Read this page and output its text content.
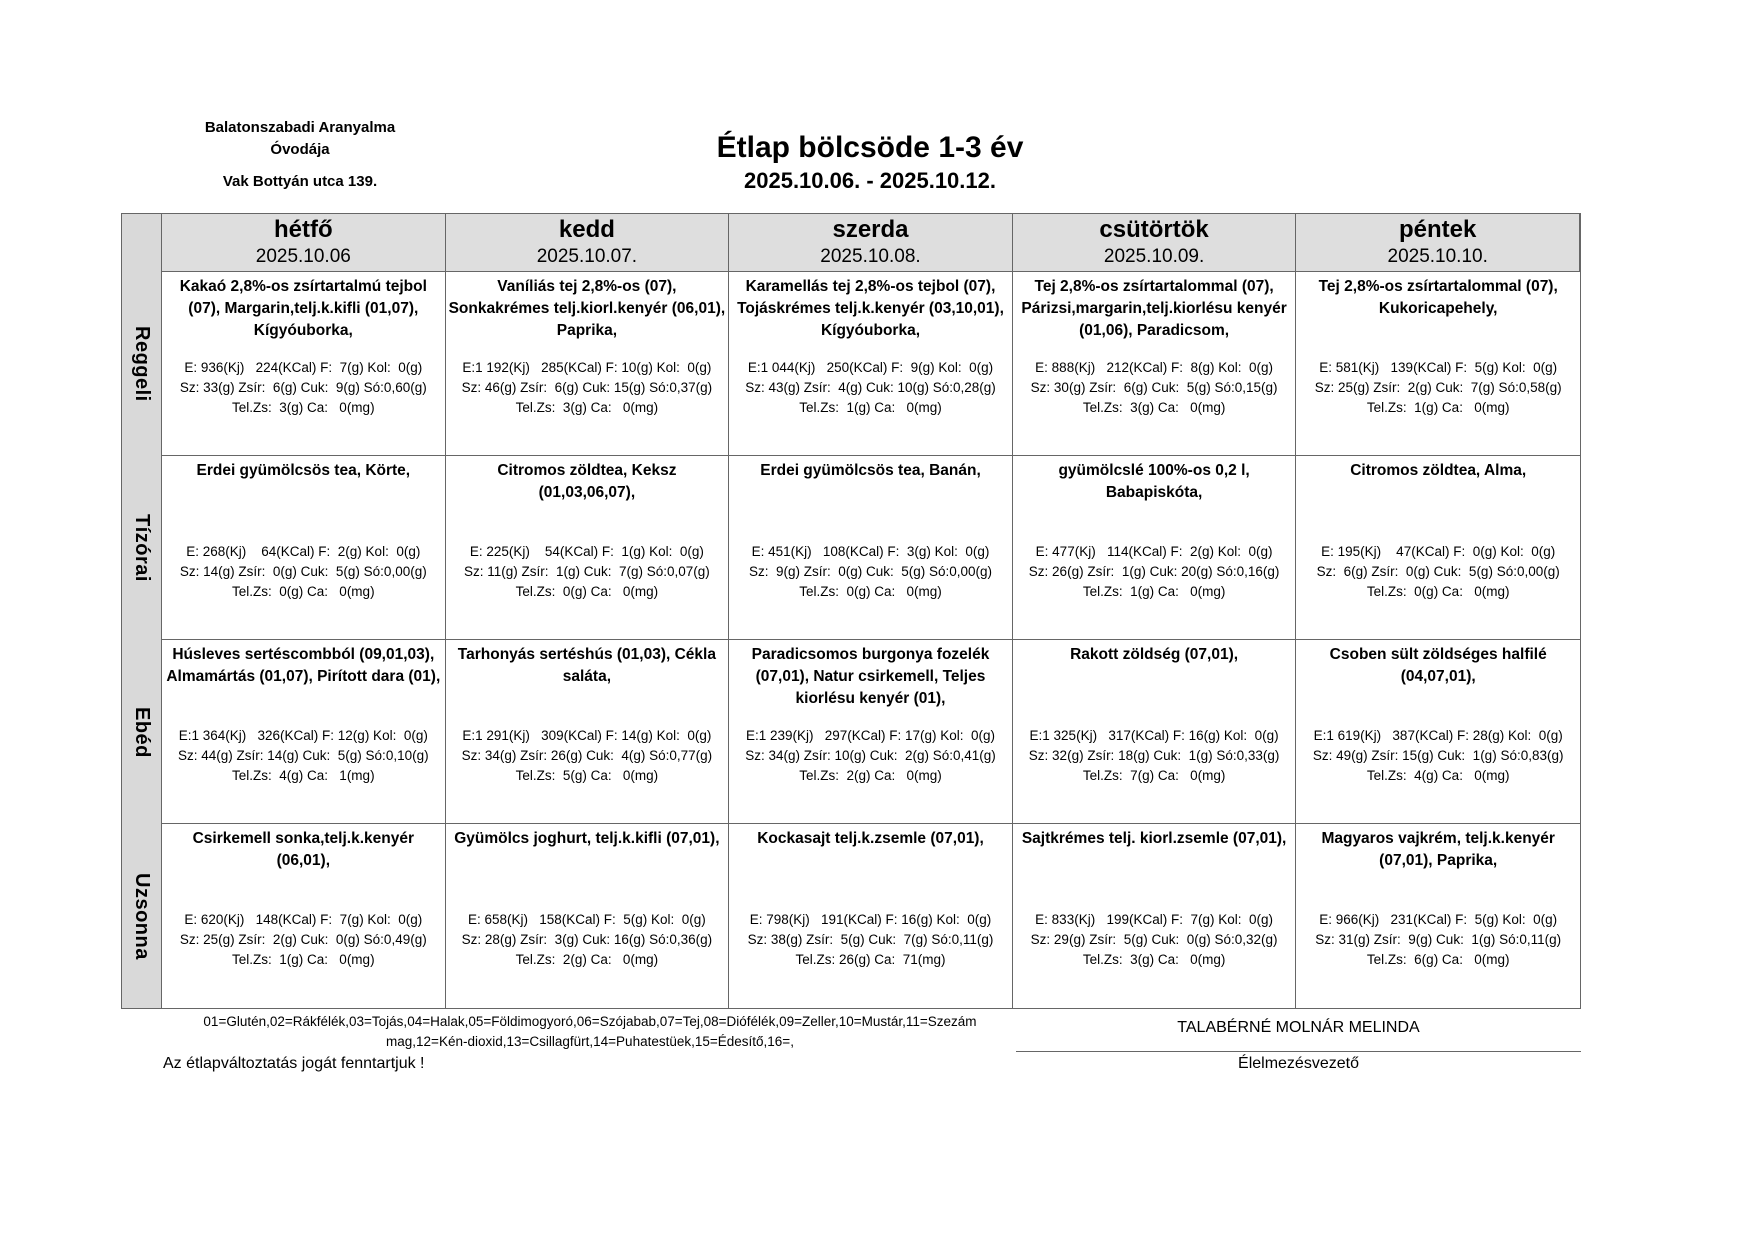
Balatonszabadi Aranyalma
Óvodája
Vak Bottyán utca 139.
Étlap bölcsöde 1-3 év
2025.10.06. - 2025.10.12.
hétfő
2025.10.06
kedd
2025.10.07.
szerda
2025.10.08.
csütörtök
2025.10.09.
péntek
2025.10.10.
Reggeli
Kakaó 2,8%-os zsírtartalmú tejbol (07), Margarin,telj.k.kifli (01,07), Kígyóuborka,
E: 936(Kj)   224(KCal) F:  7(g) Kol:  0(g)
Sz: 33(g) Zsír:  6(g) Cuk:  9(g) Só:0,60(g)
Tel.Zs:  3(g) Ca:   0(mg)
Vaníliás tej 2,8%-os (07), Sonkakrémes telj.kiorl.kenyér (06,01), Paprika,
E:1 192(Kj)   285(KCal) F: 10(g) Kol:  0(g)
Sz: 46(g) Zsír:  6(g) Cuk: 15(g) Só:0,37(g)
Tel.Zs:  3(g) Ca:   0(mg)
Karamellás tej 2,8%-os tejbol (07), Tojáskrémes telj.k.kenyér (03,10,01), Kígyóuborka,
E:1 044(Kj)   250(KCal) F:  9(g) Kol:  0(g)
Sz: 43(g) Zsír:  4(g) Cuk: 10(g) Só:0,28(g)
Tel.Zs:  1(g) Ca:   0(mg)
Tej 2,8%-os zsírtartalommal (07), Párizsi,margarin,telj.kiorlésu kenyér (01,06), Paradicsom,
E: 888(Kj)   212(KCal) F:  8(g) Kol:  0(g)
Sz: 30(g) Zsír:  6(g) Cuk:  5(g) Só:0,15(g)
Tel.Zs:  3(g) Ca:   0(mg)
Tej 2,8%-os zsírtartalommal (07), Kukoricapehely,
E: 581(Kj)   139(KCal) F:  5(g) Kol:  0(g)
Sz: 25(g) Zsír:  2(g) Cuk:  7(g) Só:0,58(g)
Tel.Zs:  1(g) Ca:   0(mg)
Tízórai
Erdei gyümölcsös tea, Körte,
E: 268(Kj)    64(KCal) F:  2(g) Kol:  0(g)
Sz: 14(g) Zsír:  0(g) Cuk:  5(g) Só:0,00(g)
Tel.Zs:  0(g) Ca:   0(mg)
Citromos zöldtea, Keksz (01,03,06,07),
E: 225(Kj)    54(KCal) F:  1(g) Kol:  0(g)
Sz: 11(g) Zsír:  1(g) Cuk:  7(g) Só:0,07(g)
Tel.Zs:  0(g) Ca:   0(mg)
Erdei gyümölcsös tea, Banán,
E: 451(Kj)   108(KCal) F:  3(g) Kol:  0(g)
Sz:  9(g) Zsír:  0(g) Cuk:  5(g) Só:0,00(g)
Tel.Zs:  0(g) Ca:   0(mg)
gyümölcslé 100%-os 0,2 l, Babapiskóta,
E: 477(Kj)   114(KCal) F:  2(g) Kol:  0(g)
Sz: 26(g) Zsír:  1(g) Cuk: 20(g) Só:0,16(g)
Tel.Zs:  1(g) Ca:   0(mg)
Citromos zöldtea, Alma,
E: 195(Kj)    47(KCal) F:  0(g) Kol:  0(g)
Sz:  6(g) Zsír:  0(g) Cuk:  5(g) Só:0,00(g)
Tel.Zs:  0(g) Ca:   0(mg)
Ebéd
Húsleves sertéscombból (09,01,03), Almamártás (01,07), Pirított dara (01),
E:1 364(Kj)   326(KCal) F: 12(g) Kol:  0(g)
Sz: 44(g) Zsír: 14(g) Cuk:  5(g) Só:0,10(g)
Tel.Zs:  4(g) Ca:   1(mg)
Tarhonyás sertéshús (01,03), Cékla saláta,
E:1 291(Kj)   309(KCal) F: 14(g) Kol:  0(g)
Sz: 34(g) Zsír: 26(g) Cuk:  4(g) Só:0,77(g)
Tel.Zs:  5(g) Ca:   0(mg)
Paradicsomos burgonya fozelék (07,01), Natur csirkemell, Teljes kiorlésu kenyér (01),
E:1 239(Kj)   297(KCal) F: 17(g) Kol:  0(g)
Sz: 34(g) Zsír: 10(g) Cuk:  2(g) Só:0,41(g)
Tel.Zs:  2(g) Ca:   0(mg)
Rakott zöldség (07,01),
E:1 325(Kj)   317(KCal) F: 16(g) Kol:  0(g)
Sz: 32(g) Zsír: 18(g) Cuk:  1(g) Só:0,33(g)
Tel.Zs:  7(g) Ca:   0(mg)
Csoben sült zöldséges halfilé (04,07,01),
E:1 619(Kj)   387(KCal) F: 28(g) Kol:  0(g)
Sz: 49(g) Zsír: 15(g) Cuk:  1(g) Só:0,83(g)
Tel.Zs:  4(g) Ca:   0(mg)
Uzsonna
Csirkemell sonka,telj.k.kenyér (06,01),
E: 620(Kj)   148(KCal) F:  7(g) Kol:  0(g)
Sz: 25(g) Zsír:  2(g) Cuk:  0(g) Só:0,49(g)
Tel.Zs:  1(g) Ca:   0(mg)
Gyümölcs joghurt, telj.k.kifli (07,01),
E: 658(Kj)   158(KCal) F:  5(g) Kol:  0(g)
Sz: 28(g) Zsír:  3(g) Cuk: 16(g) Só:0,36(g)
Tel.Zs:  2(g) Ca:   0(mg)
Kockasajt telj.k.zsemle (07,01),
E: 798(Kj)   191(KCal) F: 16(g) Kol:  0(g)
Sz: 38(g) Zsír:  5(g) Cuk:  7(g) Só:0,11(g)
Tel.Zs: 26(g) Ca:  71(mg)
Sajtkrémes telj. kiorl.zsemle (07,01),
E: 833(Kj)   199(KCal) F:  7(g) Kol:  0(g)
Sz: 29(g) Zsír:  5(g) Cuk:  0(g) Só:0,32(g)
Tel.Zs:  3(g) Ca:   0(mg)
Magyaros vajkrém, telj.k.kenyér (07,01), Paprika,
E: 966(Kj)   231(KCal) F:  5(g) Kol:  0(g)
Sz: 31(g) Zsír:  9(g) Cuk:  1(g) Só:0,11(g)
Tel.Zs:  6(g) Ca:   0(mg)
01=Glutén,02=Rákfélék,03=Tojás,04=Halak,05=Földimogyoró,06=Szójabab,07=Tej,08=Diófélék,09=Zeller,10=Mustár,11=Szezám
mag,12=Kén-dioxid,13=Csillagfürt,14=Puhatestüek,15=Édesítő,16=,
Az étlapváltoztatás jogát fenntartjuk !
TALABÉRNÉ MOLNÁR MELINDA
Élelmezésvezető
